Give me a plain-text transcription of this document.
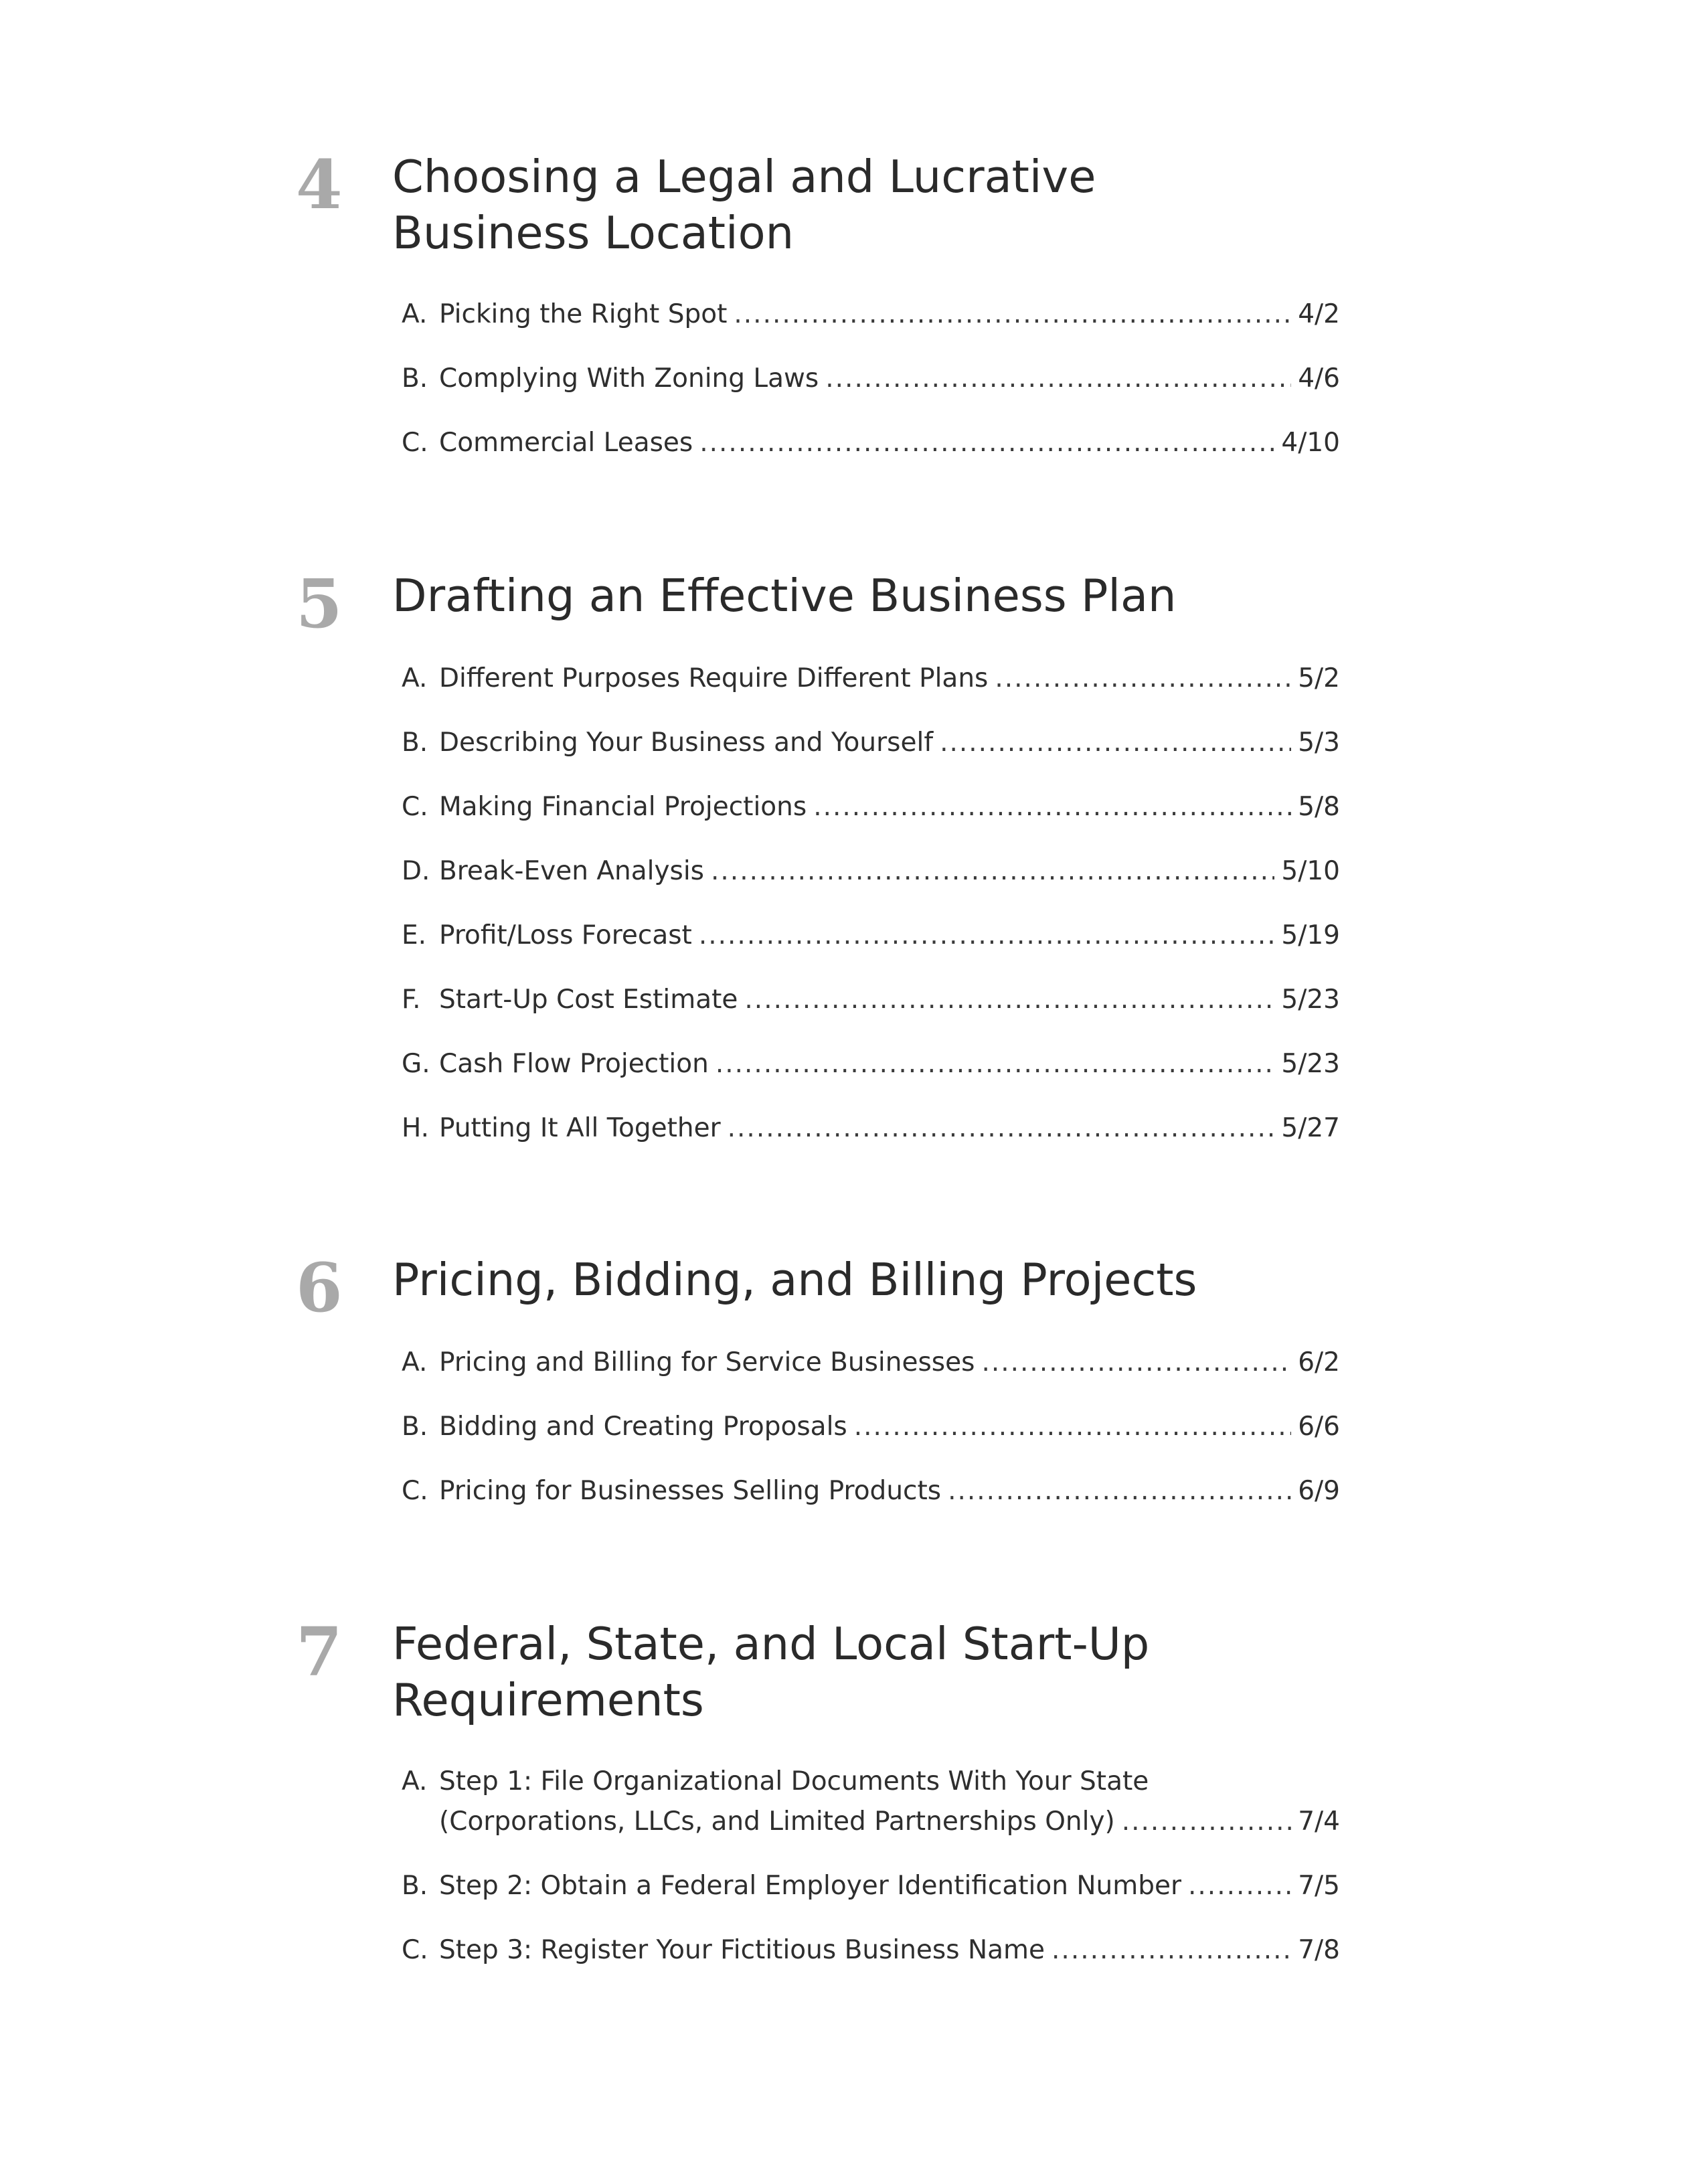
4 Choosing a Legal and Lucrative Business Location
A. Picking the Right Spot .....	4/2
B. Complying With Zoning Laws .....	4/6
C. Commercial Leases .....	4/10
5 Drafting an Effective Business Plan
A. Different Purposes Require Different Plans .....	5/2
B. Describing Your Business and Yourself .....	5/3
C. Making Financial Projections .....	5/8
D. Break-Even Analysis .....	5/10
E. Profit/Loss Forecast .....	5/19
F. Start-Up Cost Estimate .....	5/23
G. Cash Flow Projection .....	5/23
H. Putting It All Together .....	5/27
6 Pricing, Bidding, and Billing Projects
A. Pricing and Billing for Service Businesses .....	6/2
B. Bidding and Creating Proposals .....	6/6
C. Pricing for Businesses Selling Products .....	6/9
7 Federal, State, and Local Start-Up Requirements
A. Step 1: File Organizational Documents With Your State
(Corporations, LLCs, and Limited Partnerships Only) .....	7/4
B. Step 2: Obtain a Federal Employer Identification Number .....	7/5
C. Step 3: Register Your Fictitious Business Name .....	7/8
